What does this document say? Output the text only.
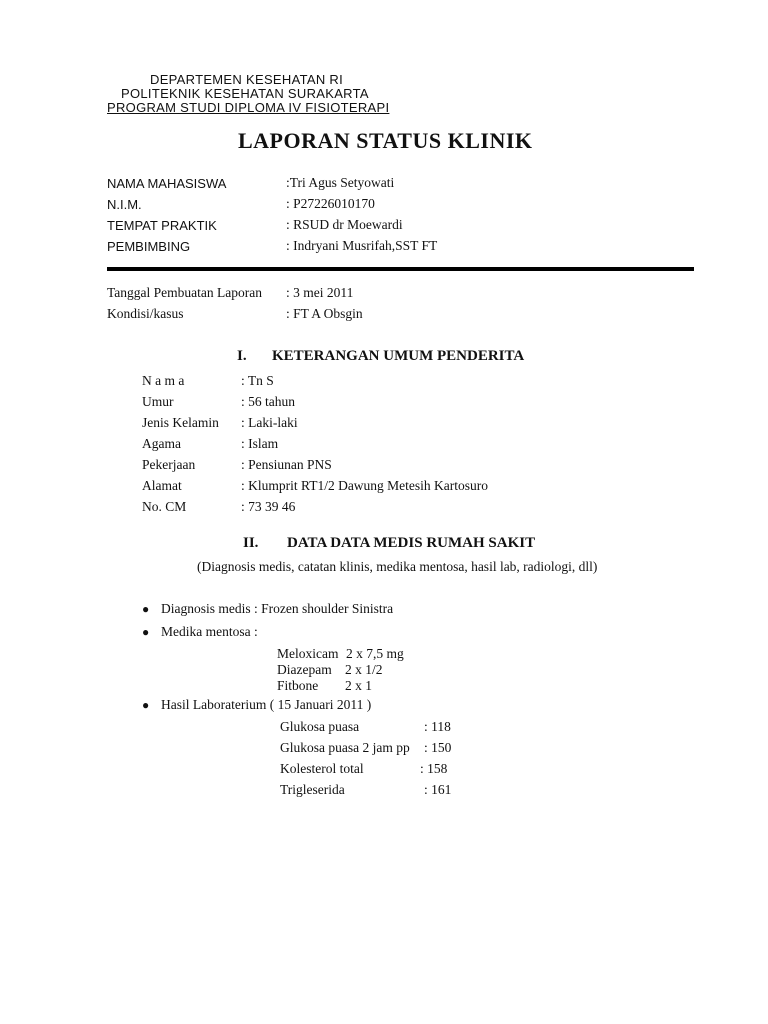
DEPARTEMEN KESEHATAN RI
POLITEKNIK KESEHATAN SURAKARTA
PROGRAM STUDI DIPLOMA IV FISIOTERAPI
LAPORAN STATUS KLINIK
NAMA MAHASISWA	:Tri Agus Setyowati
N.I.M.	: P27226010170
TEMPAT PRAKTIK	: RSUD dr Moewardi
PEMBIMBING	: Indryani Musrifah,SST FT
Tanggal Pembuatan Laporan : 3 mei 2011
Kondisi/kasus	: FT A Obsgin
I. KETERANGAN UMUM PENDERITA
N a m a	: Tn S
Umur	: 56 tahun
Jenis Kelamin : Laki-laki
Agama	: Islam
Pekerjaan	: Pensiunan PNS
Alamat	: Klumprit RT1/2 Dawung Metesih Kartosuro
No. CM	: 73 39 46
II. DATA DATA MEDIS RUMAH SAKIT
(Diagnosis medis, catatan klinis, medika mentosa, hasil lab, radiologi, dll)
● Diagnosis medis : Frozen shoulder Sinistra
● Medika mentosa :
Meloxicam 2 x 7,5 mg
Diazepam 2 x 1/2
Fitbone 2 x 1
● Hasil Laboraterium ( 15 Januari 2011 )
Glukosa puasa	: 118
Glukosa puasa 2 jam pp : 150
Kolesterol total	: 158
Trigleserida	: 161
